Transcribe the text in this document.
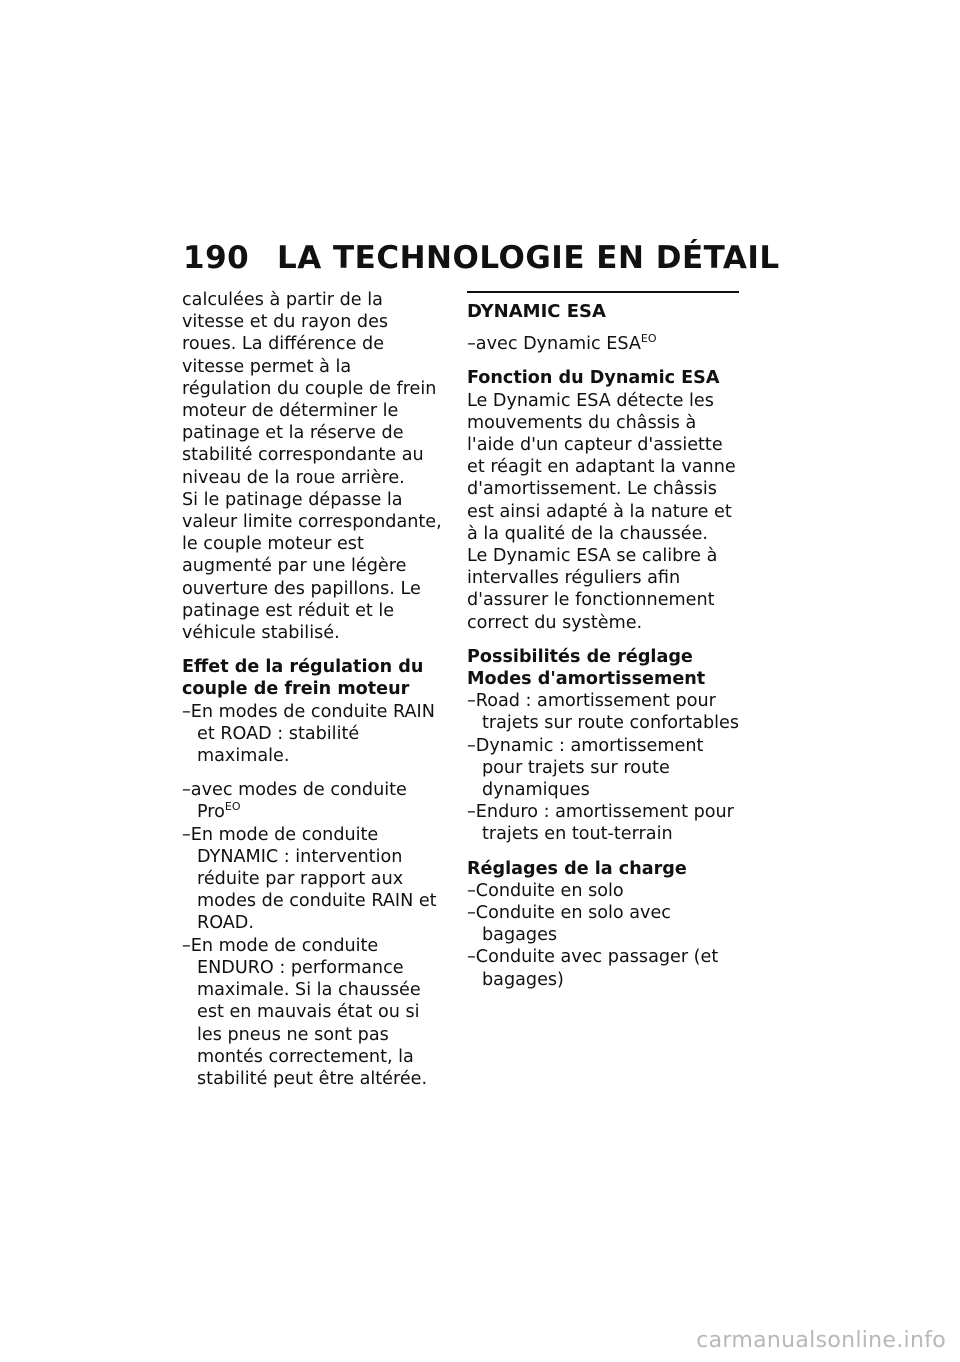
190 LA TECHNOLOGIE EN DÉTAIL

calculées à partir de la vitesse et du rayon des roues. La différence de vitesse permet à la régulation du couple de frein moteur de déterminer le patinage et la réserve de stabilité correspondante au niveau de la roue arrière.

Si le patinage dépasse la valeur limite correspondante, le couple moteur est augmenté par une légère ouverture des papillons. Le patinage est réduit et le véhicule stabilisé.

Effet de la régulation du couple de frein moteur

–En modes de conduite RAIN et ROAD : stabilité maximale.

–avec modes de conduite Pro$^{EO}$

–En mode de conduite DYNAMIC : intervention réduite par rapport aux modes de conduite RAIN et ROAD.

–En mode de conduite ENDURO : performance maximale. Si la chaussée est en mauvais état ou si les pneus ne sont pas montés correctement, la stabilité peut être altérée.

DYNAMIC ESA

–avec Dynamic $ESA^{EO}$

Fonction du Dynamic ESA

Le Dynamic ESA détecte les mouvements du châssis à l'aide d'un capteur d'assiette et réagit en adaptant la vanne d'amortissement. Le châssis est ainsi adapté à la nature et à la qualité de la chaussée.

Le Dynamic ESA se calibre à intervalles réguliers afin d'assurer le fonctionnement correct du système.

Possibilités de réglage

Modes d'amortissement

–Road : amortissement pour trajets sur route confortables

–Dynamic : amortissement pour trajets sur route dynamiques

–Enduro : amortissement pour trajets en tout-terrain

Réglages de la charge

–Conduite en solo

–Conduite en solo avec bagages

–Conduite avec passager (et bagages)

carmanualsonline.info
